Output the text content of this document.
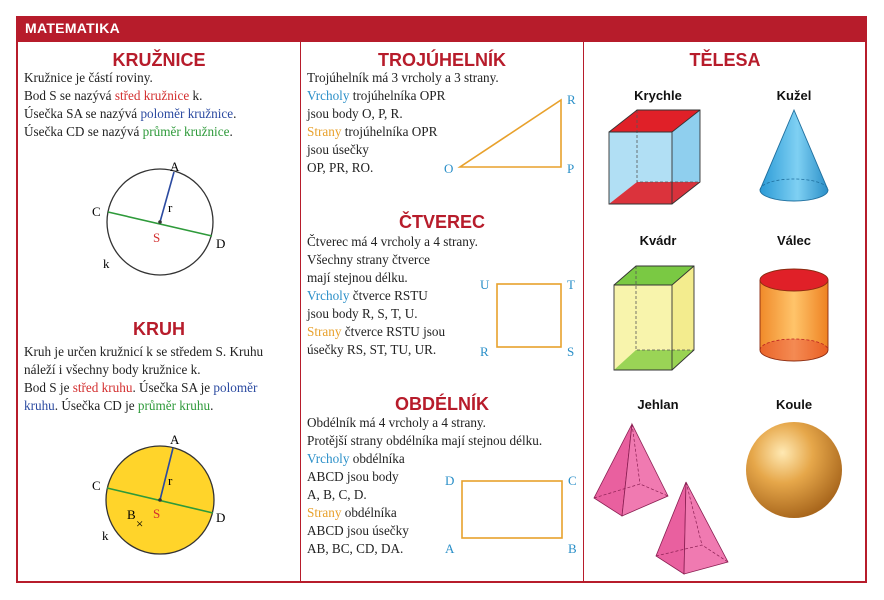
MATEMATIKA
KRUŽNICE
Kružnice je částí roviny.
Bod S se nazývá střed kružnice k.
Úsečka SA se nazývá poloměr kružnice.
Úsečka CD se nazývá průměr kružnice.
A
C
D
S
r
k
KRUH
Kruh je určen kružnicí k se středem S. Kruhu
náleží i všechny body kružnice k.
Bod S je střed kruhu. Úsečka SA je poloměr
kruhu. Úsečka CD je průměr kruhu.
×
A
C
D
S
r
B
k
TROJÚHELNÍK
Trojúhelník má 3 vrcholy a 3 strany.
Vrcholy trojúhelníka OPR
jsou body O, P, R.
Strany trojúhelníka OPR
jsou úsečky
OP, PR, RO.	O	P
R
ČTVEREC
Čtverec má 4 vrcholy a 4 strany.
Všechny strany čtverce
mají stejnou délku.
Vrcholy čtverce RSTU
jsou body R, S, T, U.
Strany čtverce RSTU jsou
úsečky RS, ST, TU, UR.
U	T
R	S
OBDÉLNÍK
Obdélník má 4 vrcholy a 4 strany.
Protější strany obdélníka mají stejnou délku.
Vrcholy obdélníka
ABCD jsou body
A, B, C, D.
Strany obdélníka
ABCD jsou úsečky
AB, BC, CD, DA.
D	C
A	B
TĚLESA
Krychle	Kužel
Kvádr	Válec
Jehlan	Koule
